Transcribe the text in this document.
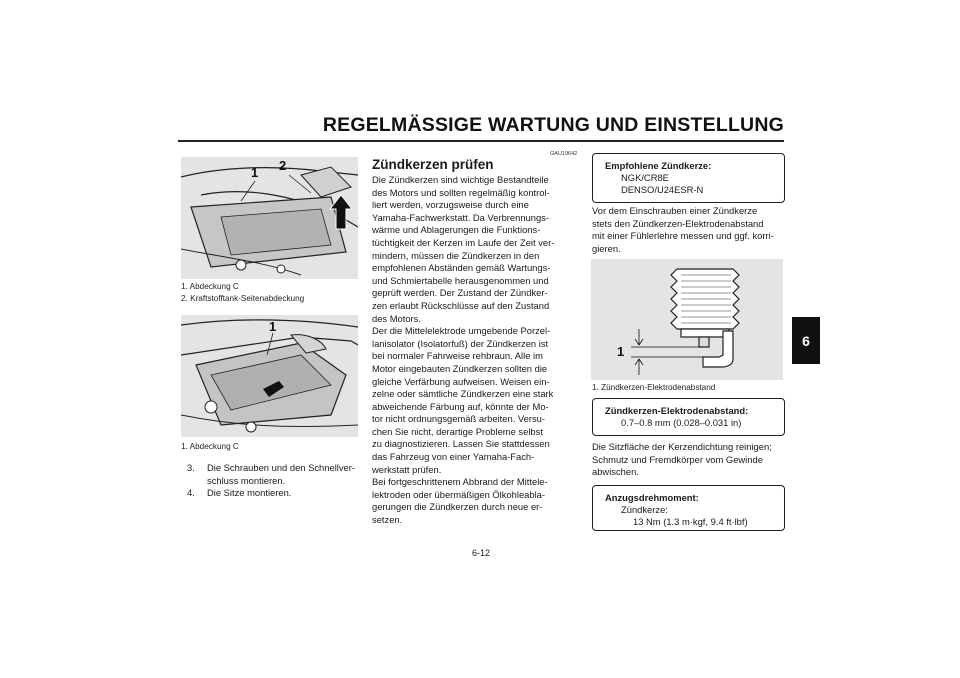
REGELMÄSSIGE WARTUNG UND EINSTELLUNG
6
1 2
1. Abdeckung C
2. Kraftstofftank-Seitenabdeckung
1
1. Abdeckung C
3. Die Schrauben und den Schnellver-
schluss montieren.
4. Die Sitze montieren.
GAU19642
Zündkerzen prüfen

Die Zündkerzen sind wichtige Bestandteile
des Motors und sollten regelmäßig kontrol-
liert werden, vorzugsweise durch eine
Yamaha-Fachwerkstatt. Da Verbrennungs-
wärme und Ablagerungen die Funktions-
tüchtigkeit der Kerzen im Laufe der Zeit ver-
mindern, müssen die Zündkerzen in den
empfohlenen Abständen gemäß Wartungs-
und Schmiertabelle herausgenommen und
geprüft werden. Der Zustand der Zündker-
zen erlaubt Rückschlüsse auf den Zustand
des Motors.

Der die Mittelelektrode umgebende Porzel-
lanisolator (Isolatorfuß) der Zündkerzen ist
bei normaler Fahrweise rehbraun. Alle im
Motor eingebauten Zündkerzen sollten die
gleiche Verfärbung aufweisen. Weisen ein-
zelne oder sämtliche Zündkerzen eine stark
abweichende Färbung auf, könnte der Mo-
tor nicht ordnungsgemäß arbeiten. Versu-
chen Sie nicht, derartige Probleme selbst
zu diagnostizieren. Lassen Sie stattdessen
das Fahrzeug von einer Yamaha-Fach-
werkstatt prüfen.

Bei fortgeschrittenem Abbrand der Mittele-
lektroden oder übermäßigen Ölkohleabla-
gerungen die Zündkerzen durch neue er-
setzen.

Empfohlene Zündkerze:
NGK/CR8E
DENSO/U24ESR-N
Vor dem Einschrauben einer Zündkerze
stets den Zündkerzen-Elektrodenabstand
mit einer Fühlerlehre messen und ggf. korri-
gieren.
1
1. Zündkerzen-Elektrodenabstand
Zündkerzen-Elektrodenabstand:
0.7–0.8 mm (0.028–0.031 in)
Die Sitzfläche der Kerzendichtung reinigen;
Schmutz und Fremdkörper vom Gewinde
abwischen.
Anzugsdrehmoment:
Zündkerze:
13 Nm (1.3 m·kgf, 9.4 ft·lbf)
6-12
